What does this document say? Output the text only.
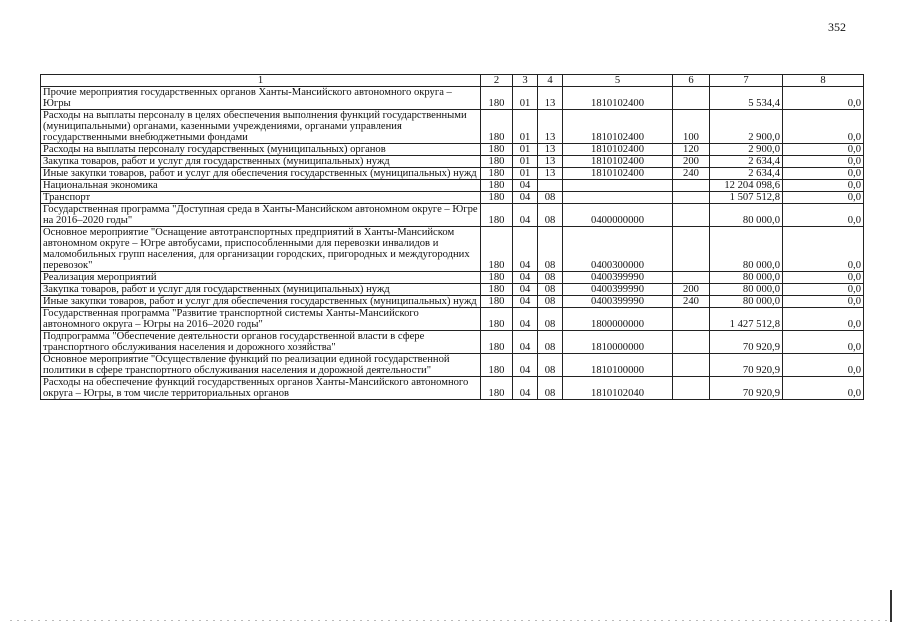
352
1	2	3	4	5	6	7	8
Прочие мероприятия государственных органов Ханты-Мансийского автономного округа – Югры	180	01	13	1810102400		5 534,4	0,0
Расходы на выплаты персоналу в целях обеспечения выполнения функций государственными (муниципальными) органами, казенными учреждениями, органами управления государственными внебюджетными фондами	180	01	13	1810102400	100	2 900,0	0,0
Расходы на выплаты персоналу государственных (муниципальных) органов	180	01	13	1810102400	120	2 900,0	0,0
Закупка товаров, работ и услуг для государственных (муниципальных) нужд	180	01	13	1810102400	200	2 634,4	0,0
Иные закупки товаров, работ и услуг для обеспечения государственных (муниципальных) нужд	180	01	13	1810102400	240	2 634,4	0,0
Национальная экономика	180	04				12 204 098,6	0,0
Транспорт	180	04	08			1 507 512,8	0,0
Государственная программа "Доступная среда в Ханты-Мансийском автономном округе – Югре на 2016–2020 годы"	180	04	08	0400000000		80 000,0	0,0
Основное мероприятие "Оснащение автотранспортных предприятий в Ханты-Мансийском автономном округе – Югре автобусами, приспособленными для перевозки инвалидов и маломобильных групп населения, для организации городских, пригородных и междугородних перевозок"	180	04	08	0400300000		80 000,0	0,0
Реализация мероприятий	180	04	08	0400399990		80 000,0	0,0
Закупка товаров, работ и услуг для государственных (муниципальных) нужд	180	04	08	0400399990	200	80 000,0	0,0
Иные закупки товаров, работ и услуг для обеспечения государственных (муниципальных) нужд	180	04	08	0400399990	240	80 000,0	0,0
Государственная программа "Развитие транспортной системы Ханты-Мансийского автономного округа – Югры на 2016–2020 годы"	180	04	08	1800000000		1 427 512,8	0,0
Подпрограмма "Обеспечение деятельности органов государственной власти в сфере транспортного обслуживания населения и дорожного хозяйства"	180	04	08	1810000000		70 920,9	0,0
Основное мероприятие "Осуществление функций по реализации единой государственной политики в сфере транспортного обслуживания населения и дорожной деятельности"	180	04	08	1810100000		70 920,9	0,0
Расходы на обеспечение функций государственных органов Ханты-Мансийского автономного округа – Югры, в том числе территориальных органов	180	04	08	1810102040		70 920,9	0,0
